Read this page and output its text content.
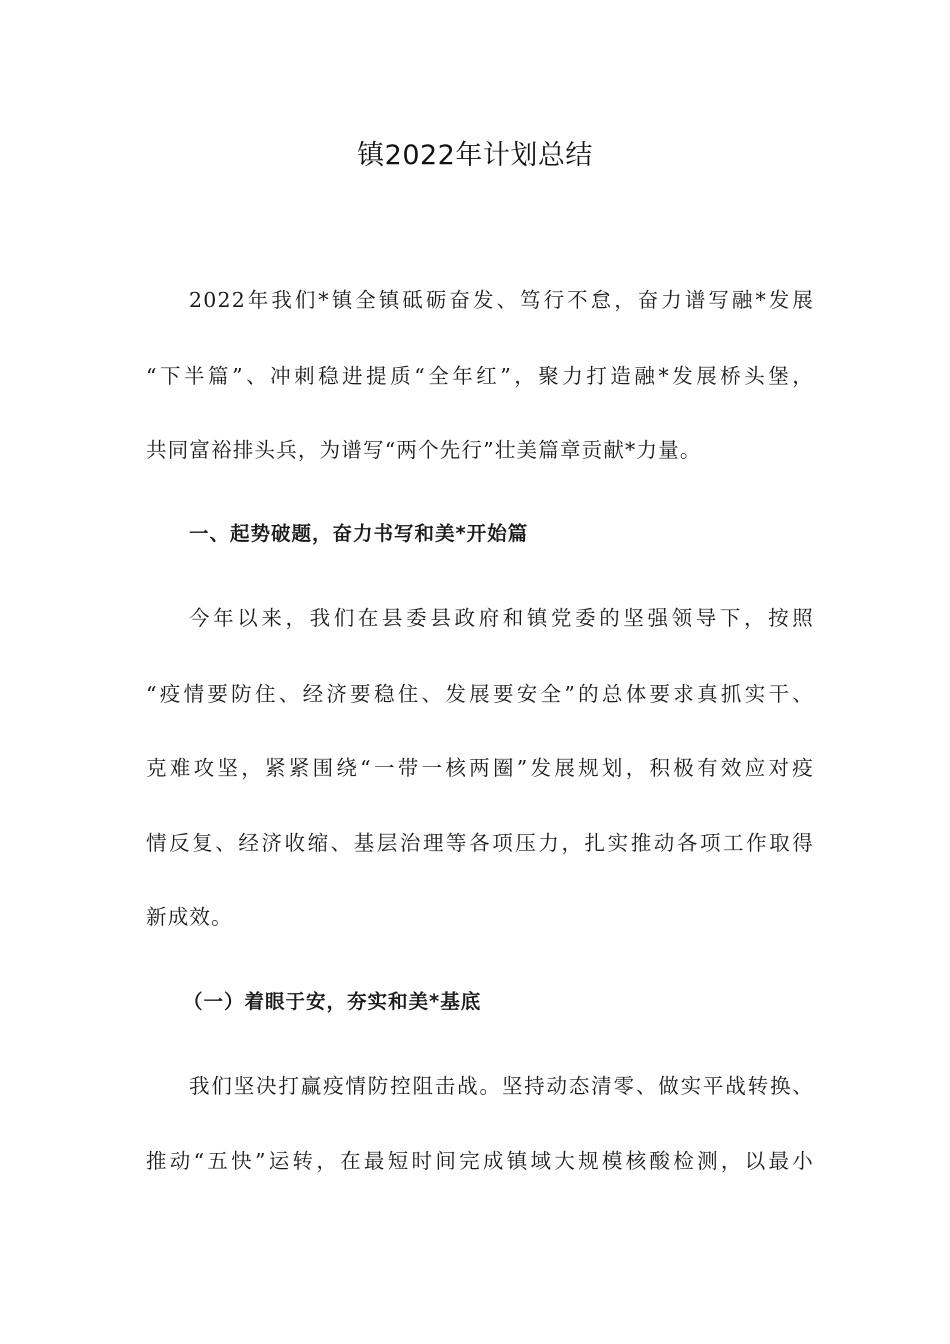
镇2022年计划总结
2022年我们*镇全镇砥砺奋发、笃行不怠，奋力谱写融*发展
“下半篇”、冲刺稳进提质“全年红”，聚力打造融*发展桥头堡，
共同富裕排头兵，为谱写“两个先行”壮美篇章贡献*力量。
一、起势破题，奋力书写和美*开始篇
今年以来，我们在县委县政府和镇党委的坚强领导下，按照
“疫情要防住、经济要稳住、发展要安全”的总体要求真抓实干、
克难攻坚，紧紧围绕“一带一核两圈”发展规划，积极有效应对疫
情反复、经济收缩、基层治理等各项压力，扎实推动各项工作取得
新成效。
（一）着眼于安，夯实和美*基底
我们坚决打赢疫情防控阻击战。坚持动态清零、做实平战转换、
推动“五快”运转，在最短时间完成镇域大规模核酸检测，以最小
